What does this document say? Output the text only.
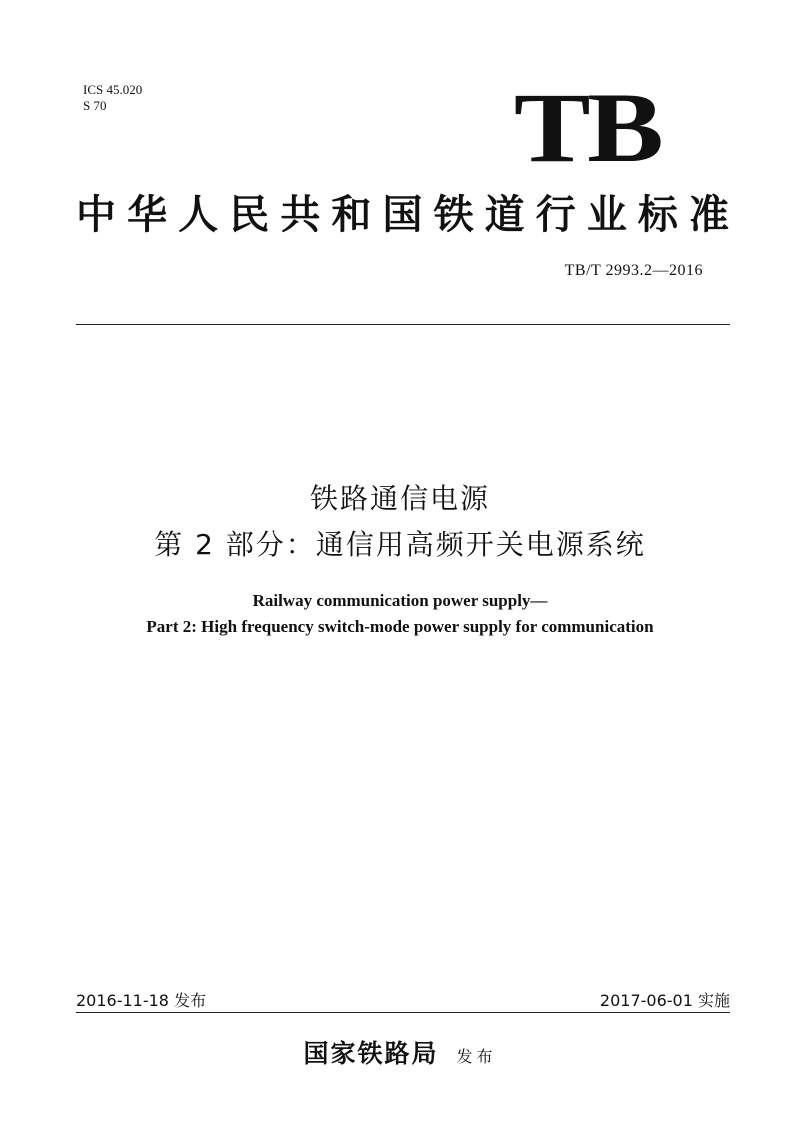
ICS 45.020
S 70	TB
中华人民共和国铁道行业标准
TB/T 2993.2—2016
铁路通信电源
第 2 部分：通信用高频开关电源系统
Railway communication power supply—
Part 2: High frequency switch-mode power supply for communication
2016-11-18 发布	2017-06-01 实施
国家铁路局 发布
